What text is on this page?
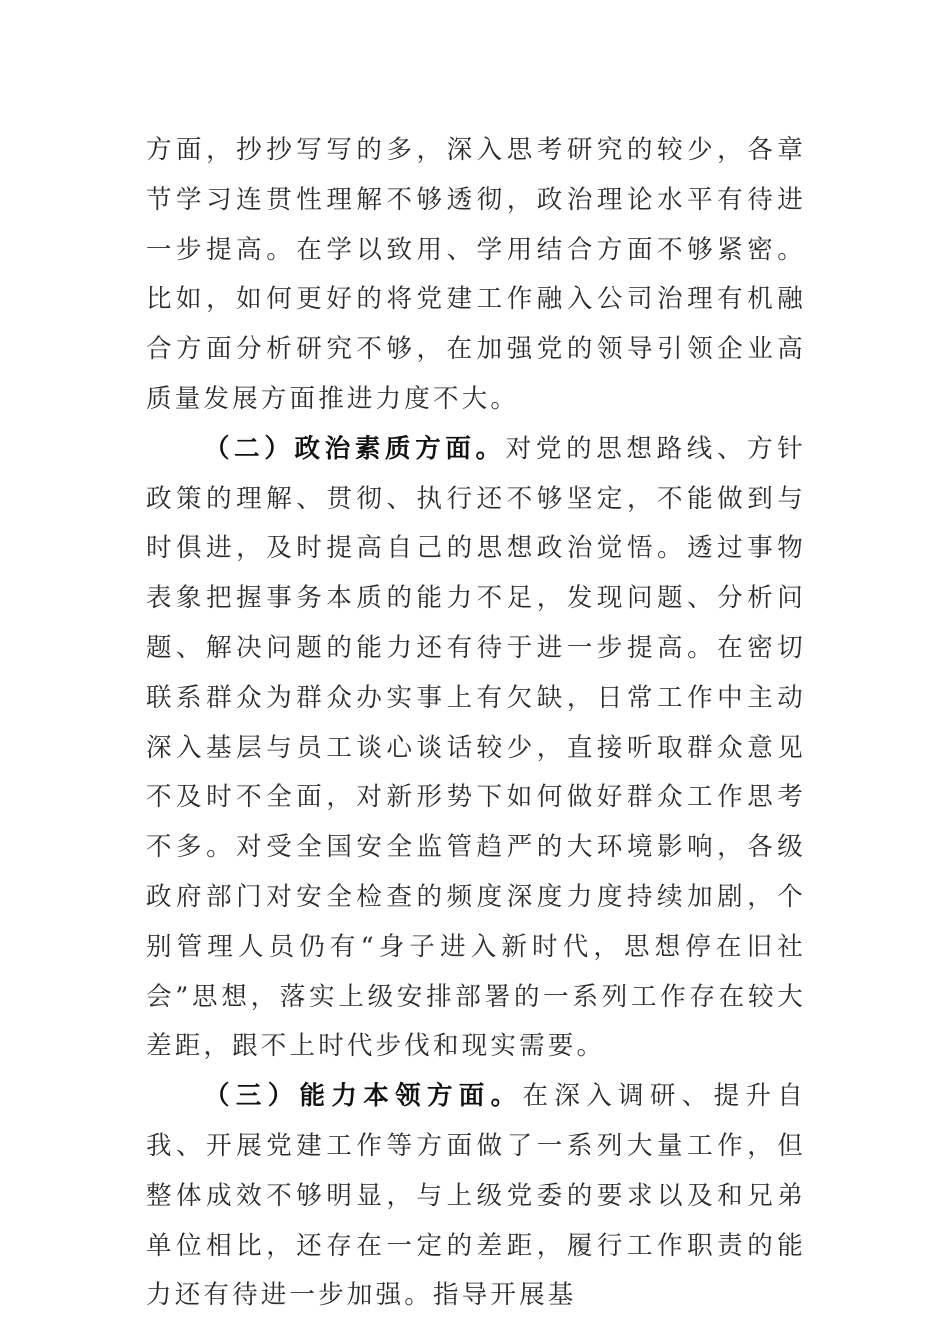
方面，抄抄写写的多，深入思考研究的较少，各章节学习连贯性理解不够透彻，政治理论水平有待进一步提高。在学以致用、学用结合方面不够紧密。比如，如何更好的将党建工作融入公司治理有机融合方面分析研究不够，在加强党的领导引领企业高质量发展方面推进力度不大。

（二）政治素质方面。对党的思想路线、方针政策的理解、贯彻、执行还不够坚定，不能做到与时俱进，及时提高自己的思想政治觉悟。透过事物表象把握事务本质的能力不足，发现问题、分析问题、解决问题的能力还有待于进一步提高。在密切联系群众为群众办实事上有欠缺，日常工作中主动深入基层与员工谈心谈话较少，直接听取群众意见不及时不全面，对新形势下如何做好群众工作思考不多。对受全国安全监管趋严的大环境影响，各级政府部门对安全检查的频度深度力度持续加剧，个别管理人员仍有“身子进入新时代，思想停在旧社会”思想，落实上级安排部署的一系列工作存在较大差距，跟不上时代步伐和现实需要。

（三）能力本领方面。在深入调研、提升自我、开展党建工作等方面做了一系列大量工作，但整体成效不够明显，与上级党委的要求以及和兄弟单位相比，还存在一定的差距，履行工作职责的能力还有待进一步加强。指导开展基
